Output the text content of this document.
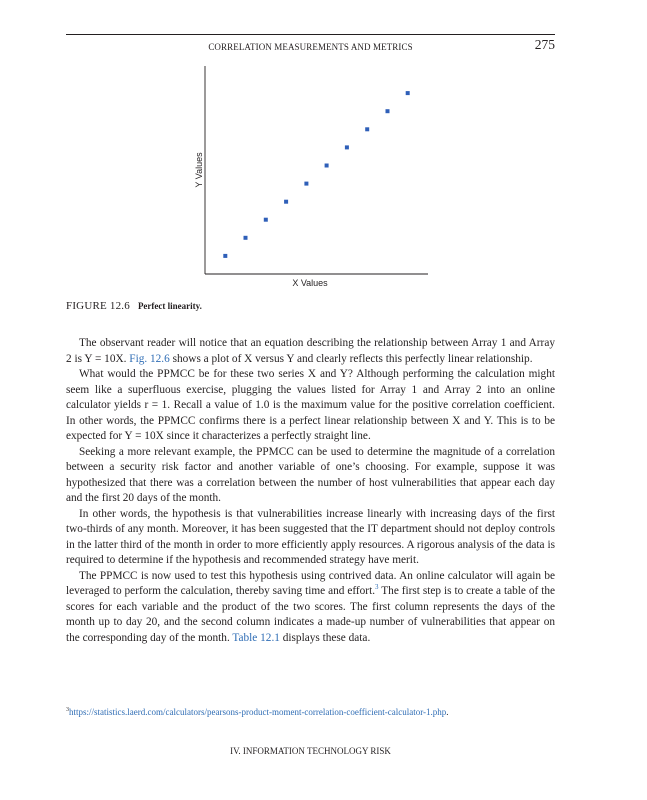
CORRELATION MEASUREMENTS AND METRICS	275
X Values
Y Values
FIGURE 12.6 Perfect linearity.

The observant reader will notice that an equation describing the relationship between Array 1 and Array 2 is Y = 10X. Fig. 12.6 shows a plot of X versus Y and clearly reflects this perfectly linear relationship.

What would the PPMCC be for these two series X and Y? Although performing the calculation might seem like a superfluous exercise, plugging the values listed for Array 1 and Array 2 into an online calculator yields r = 1. Recall a value of 1.0 is the maximum value for the positive correlation coefficient. In other words, the PPMCC confirms there is a perfect linear relationship between X and Y. This is to be expected for Y = 10X since it characterizes a perfectly straight line.

Seeking a more relevant example, the PPMCC can be used to determine the magnitude of a correlation between a security risk factor and another variable of one’s choosing. For example, suppose it was hypothesized that there was a correlation between the number of host vulnerabilities that appear each day and the first 20 days of the month.

In other words, the hypothesis is that vulnerabilities increase linearly with increasing days of the first two-thirds of any month. Moreover, it has been suggested that the IT department should not deploy controls in the latter third of the month in order to more efficiently apply resources. A rigorous analysis of the data is required to determine if the hypothesis and recommended strategy have merit.

The PPMCC is now used to test this hypothesis using contrived data. An online calculator will again be leveraged to perform the calculation, thereby saving time and effort.$^3$ The first step is to create a table of the scores for each variable and the product of the two scores. The first column represents the days of the month up to day 20, and the second column indicates a made-up number of vulnerabilities that appear on the corresponding day of the month. Table 12.1 displays these data.

$^3$https://statistics.laerd.com/calculators/pearsons-product-moment-correlation-coefficient-calculator-1.php.
IV. INFORMATION TECHNOLOGY RISK
